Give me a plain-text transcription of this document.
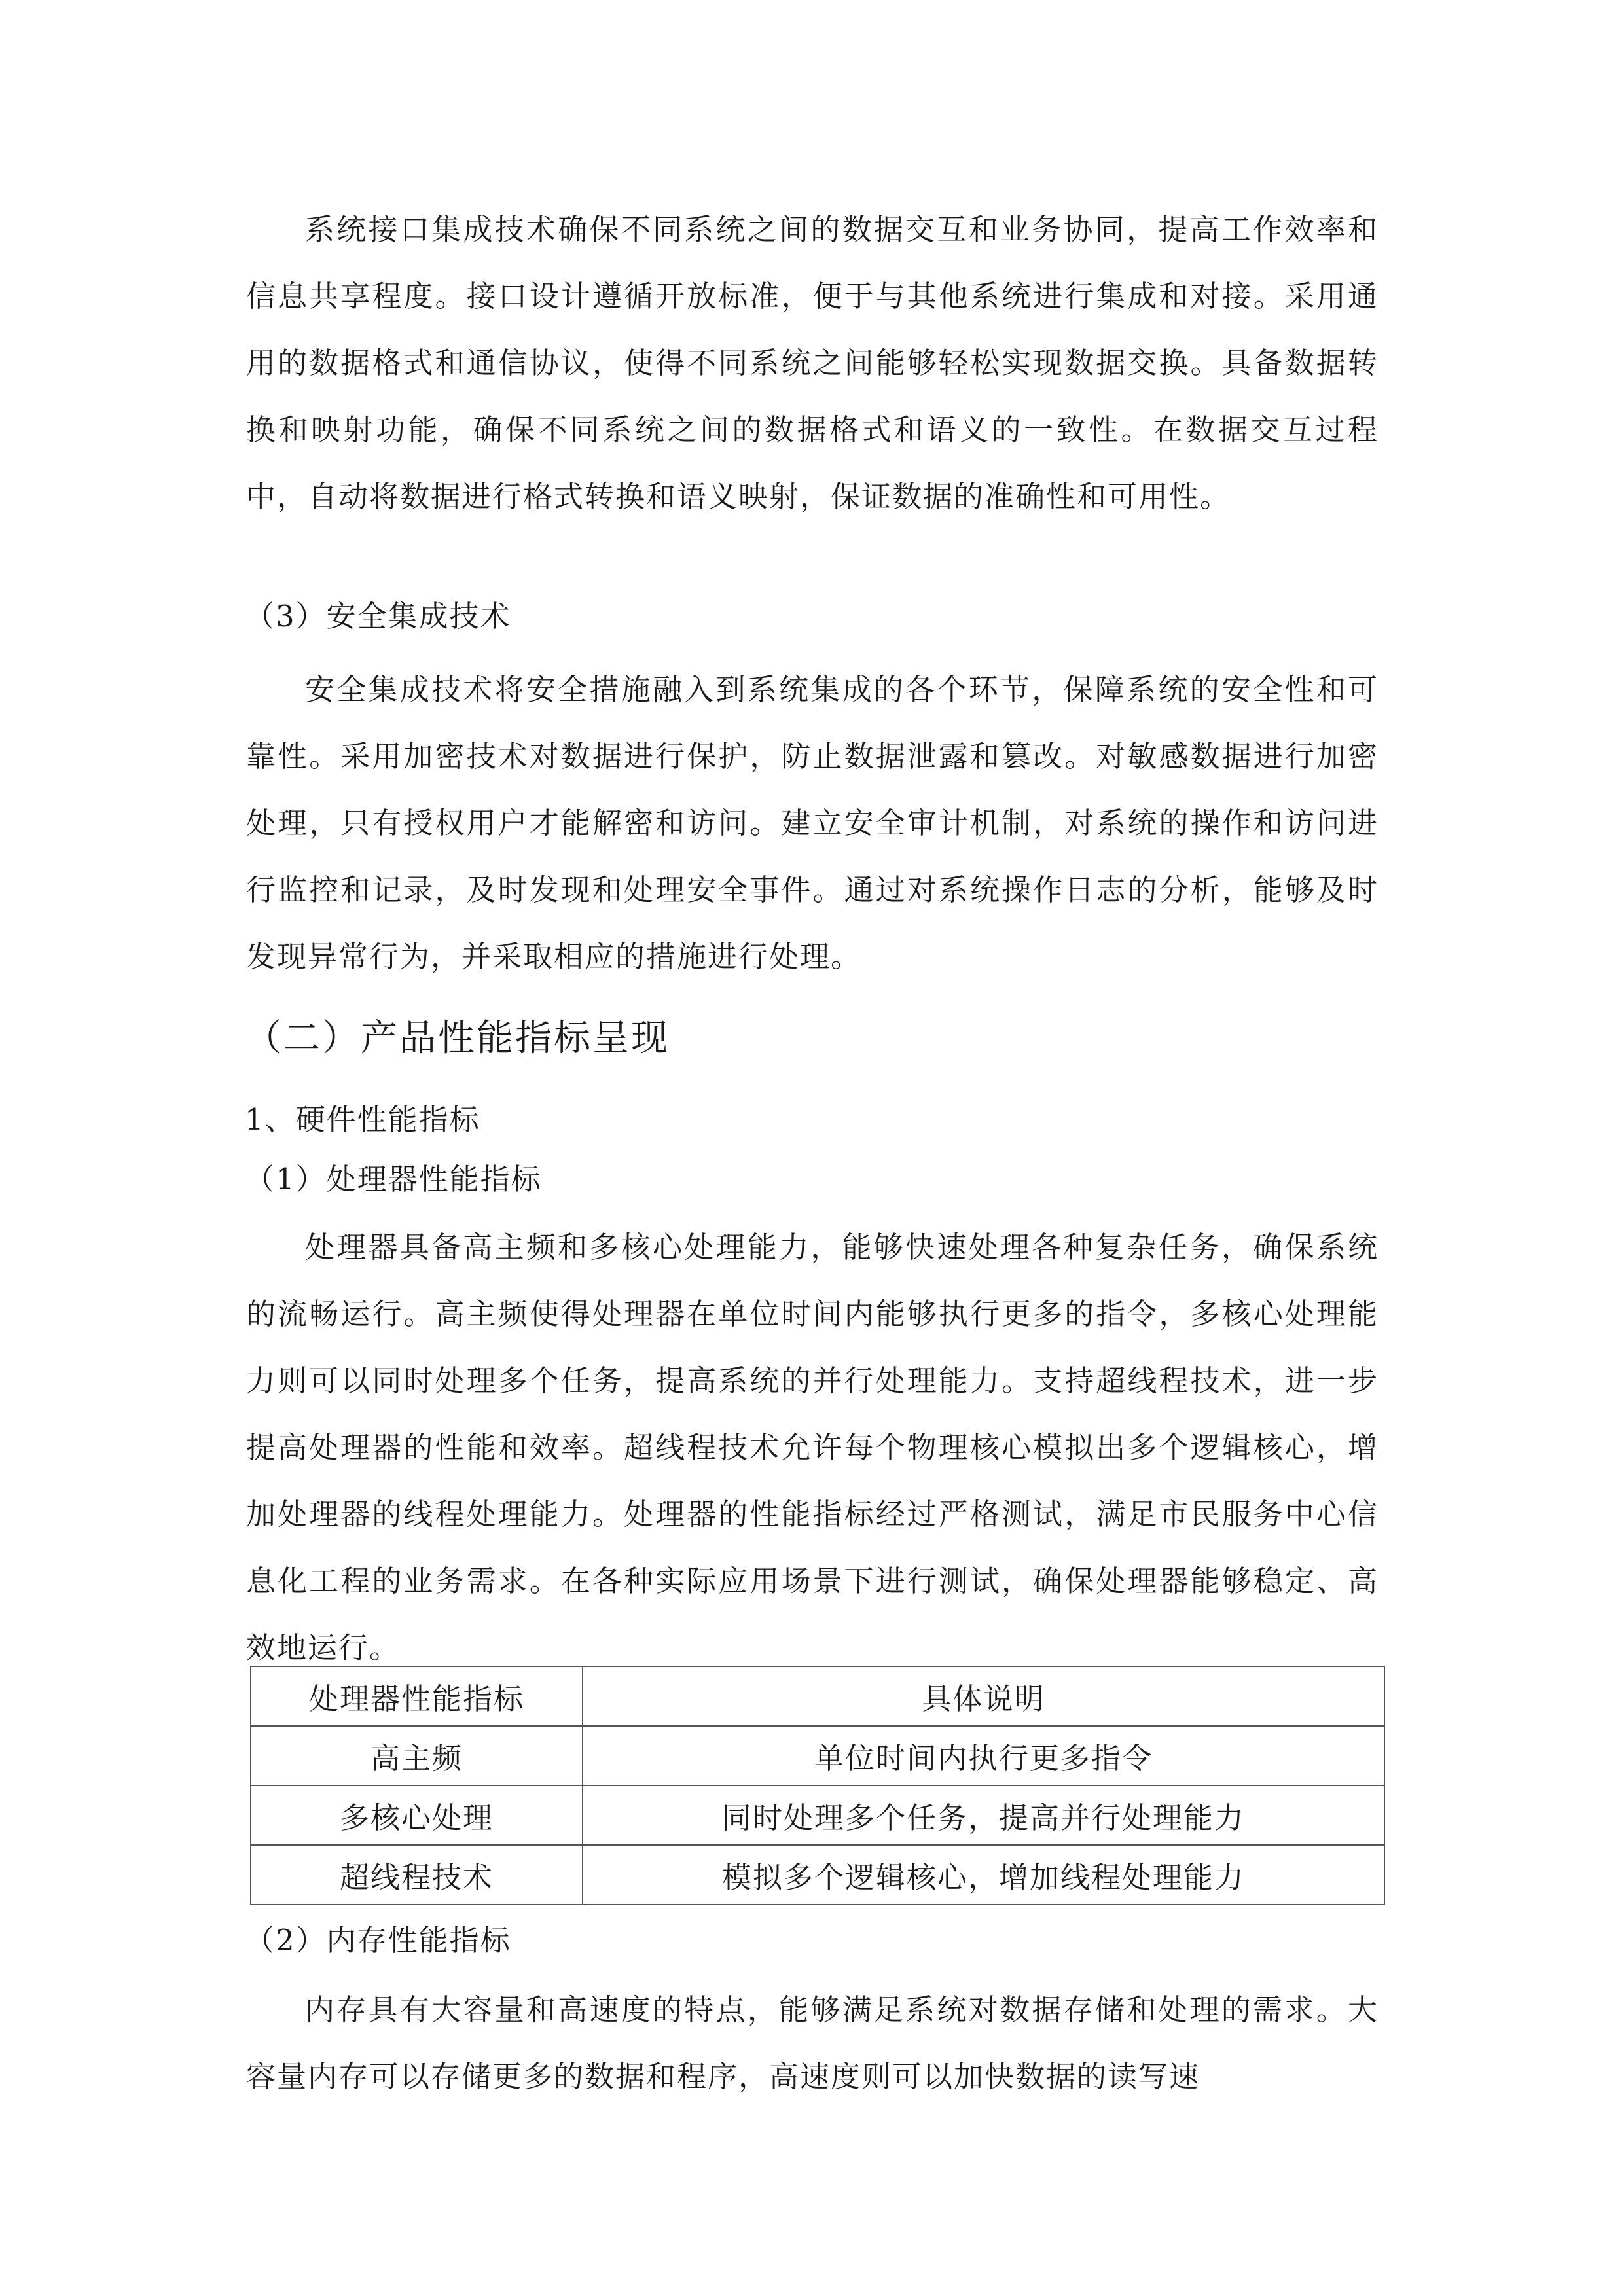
系统接口集成技术确保不同系统之间的数据交互和业务协同，提高工作效率和信息共享程度。接口设计遵循开放标准，便于与其他系统进行集成和对接。采用通用的数据格式和通信协议，使得不同系统之间能够轻松实现数据交换。具备数据转换和映射功能，确保不同系统之间的数据格式和语义的一致性。在数据交互过程中，自动将数据进行格式转换和语义映射，保证数据的准确性和可用性。

（3）安全集成技术

安全集成技术将安全措施融入到系统集成的各个环节，保障系统的安全性和可靠性。采用加密技术对数据进行保护，防止数据泄露和篡改。对敏感数据进行加密处理，只有授权用户才能解密和访问。建立安全审计机制，对系统的操作和访问进行监控和记录，及时发现和处理安全事件。通过对系统操作日志的分析，能够及时发现异常行为，并采取相应的措施进行处理。

（二）产品性能指标呈现

1、硬件性能指标

（1）处理器性能指标

处理器具备高主频和多核心处理能力，能够快速处理各种复杂任务，确保系统的流畅运行。高主频使得处理器在单位时间内能够执行更多的指令，多核心处理能力则可以同时处理多个任务，提高系统的并行处理能力。支持超线程技术，进一步提高处理器的性能和效率。超线程技术允许每个物理核心模拟出多个逻辑核心，增加处理器的线程处理能力。处理器的性能指标经过严格测试，满足市民服务中心信息化工程的业务需求。在各种实际应用场景下进行测试，确保处理器能够稳定、高效地运行。

处理器性能指标	具体说明
高主频	单位时间内执行更多指令
多核心处理	同时处理多个任务，提高并行处理能力
超线程技术	模拟多个逻辑核心，增加线程处理能力

（2）内存性能指标

内存具有大容量和高速度的特点，能够满足系统对数据存储和处理的需求。大容量内存可以存储更多的数据和程序，高速度则可以加快数据的读写速
